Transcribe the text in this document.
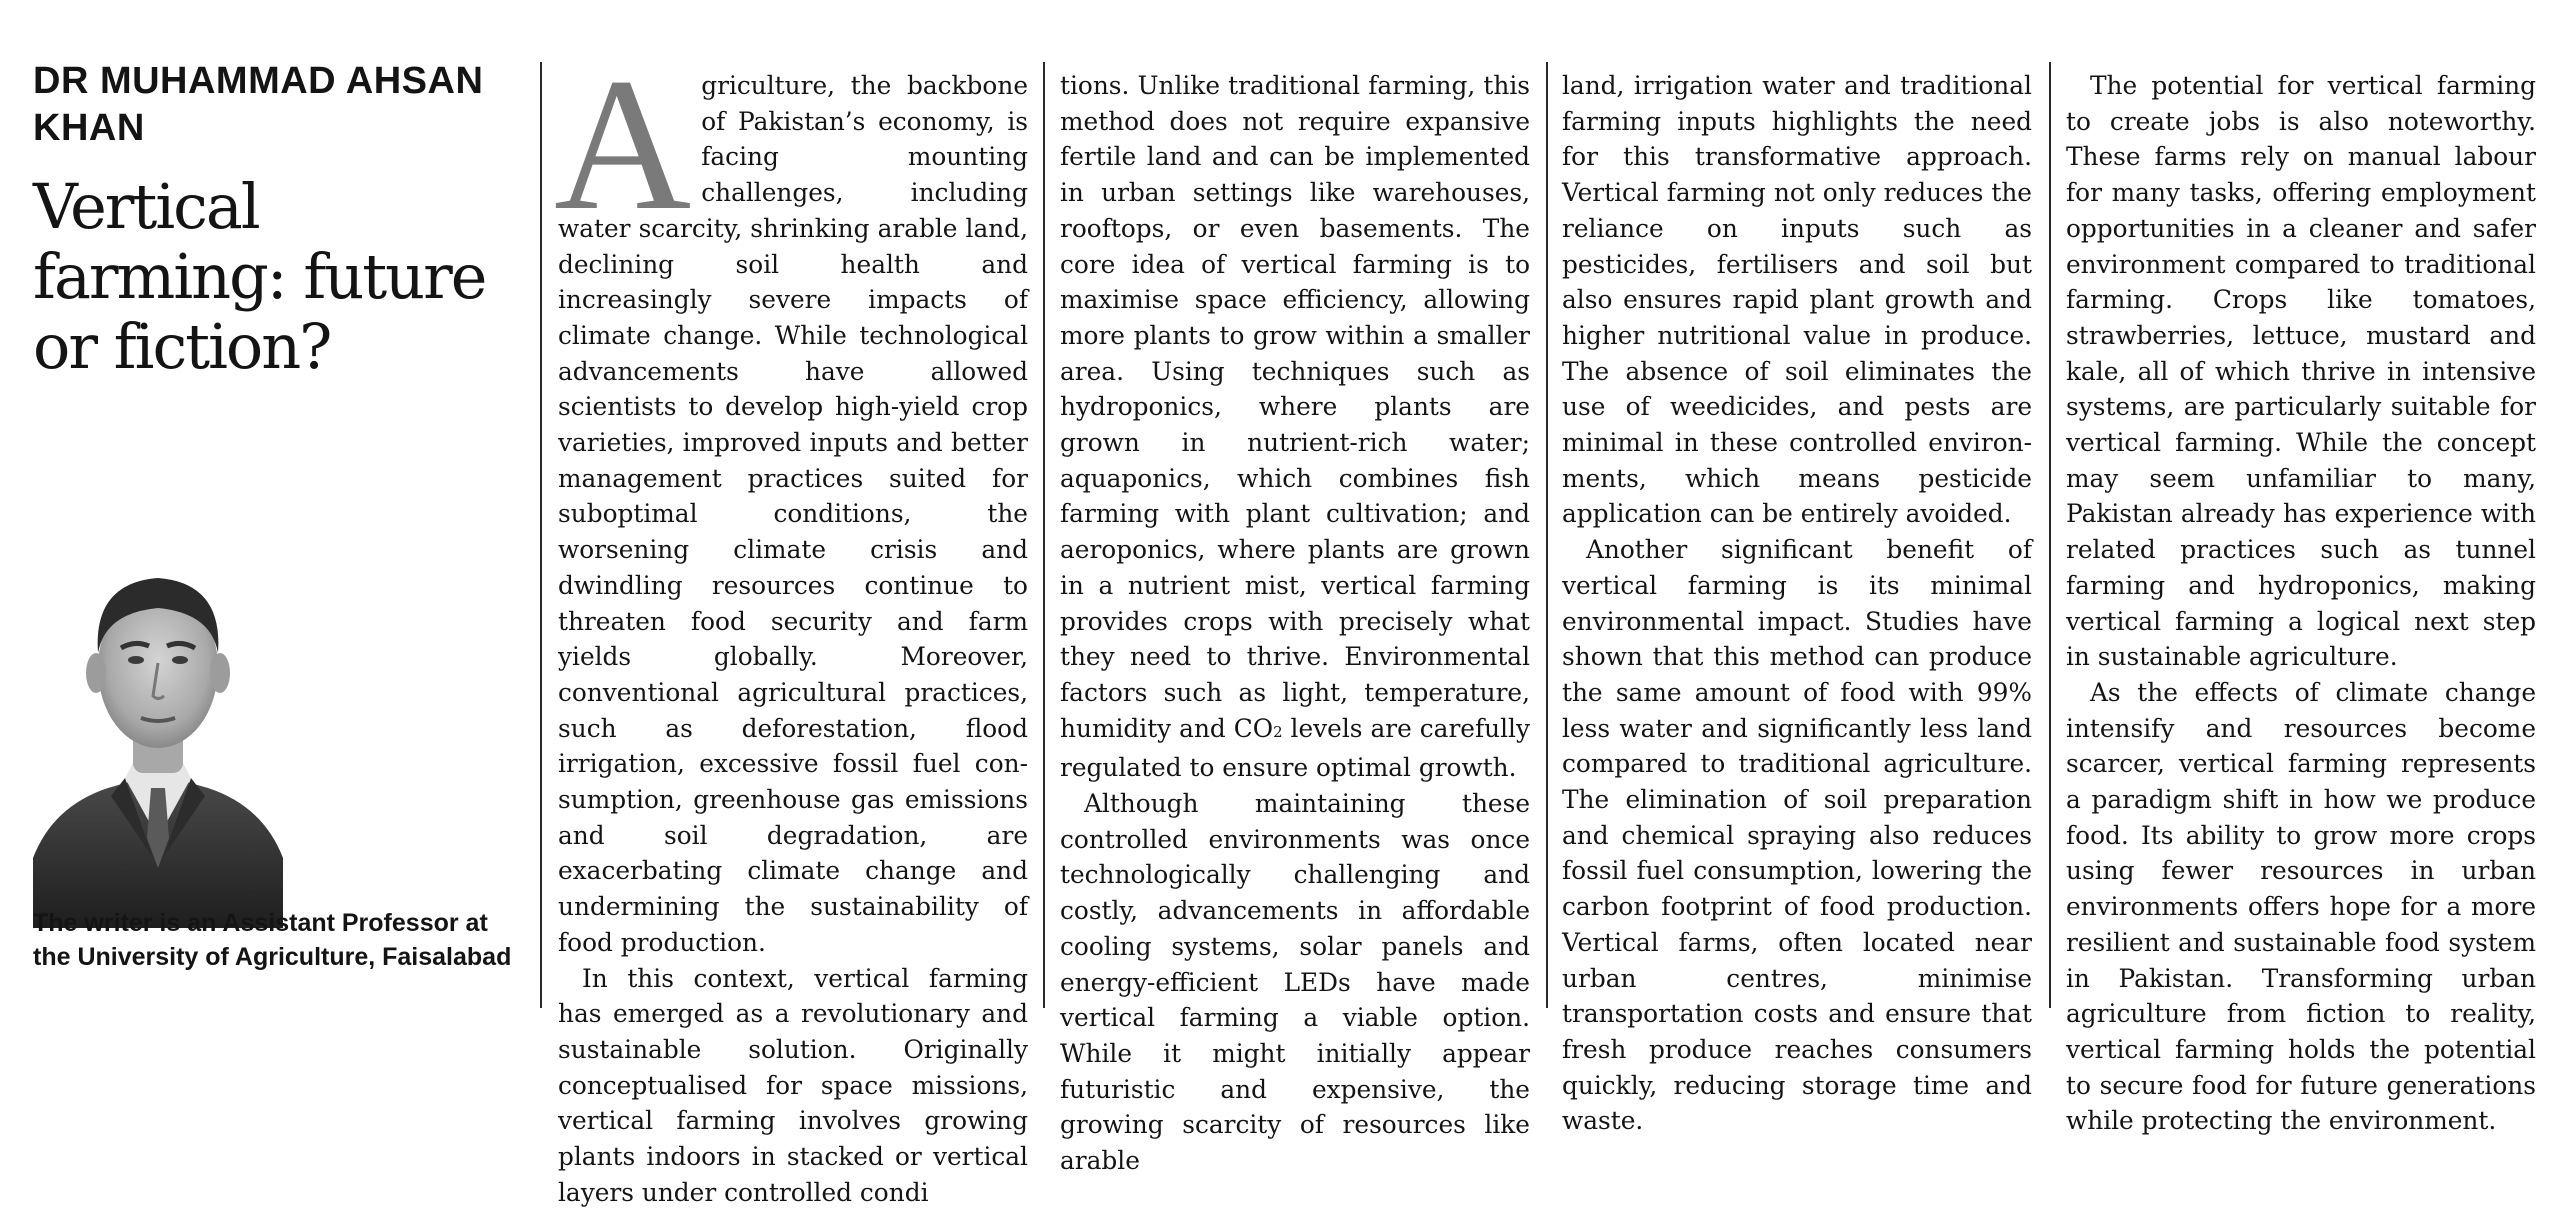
DR MUHAMMAD AHSAN KHAN
Vertical farming: future or fiction?

The writer is an Assistant Professor at the University of Agriculture, Faisalabad

Agriculture, the backbone of Pakistan’s economy, is facing mounting challenges, including water scarcity, shrinking arable land, declining soil health and increasingly severe impacts of climate change. While technological advancements have allowed scientists to develop high-yield crop varieties, improved inputs and better management practices suited for suboptimal conditions, the worsening climate crisis and dwindling resources continue to threaten food security and farm yields globally. Moreover, conventional agricultural practices, such as deforestation, flood irrigation, excessive fossil fuel consumption, greenhouse gas emissions and soil degradation, are exacerbating climate change and undermining the sustainability of food production.

In this context, vertical farming has emerged as a revolutionary and sustainable solution. Originally conceptualised for space missions, vertical farming involves growing plants indoors in stacked or vertical layers under controlled condi

tions. Unlike traditional farming, this method does not require expansive fertile land and can be implemented in urban settings like warehouses, rooftops, or even basements. The core idea of vertical farming is to maximise space efficiency, allowing more plants to grow within a smaller area. Using techniques such as hydroponics, where plants are grown in nutrient-rich water; aquaponics, which combines fish farming with plant cultivation; and aeroponics, where plants are grown in a nutrient mist, vertical farming provides crops with precisely what they need to thrive. Environmental factors such as light, temperature, humidity and CO2 levels are carefully regulated to ensure optimal growth.

Although maintaining these controlled environments was once technologically challenging and costly, advancements in affordable cooling systems, solar panels and energy-efficient LEDs have made vertical farming a viable option. While it might initially appear futuristic and expensive, the growing scarcity of resources like arable

land, irrigation water and traditional farming inputs highlights the need for this transformative approach. Vertical farming not only reduces the reliance on inputs such as pesticides, fertilisers and soil but also ensures rapid plant growth and higher nutritional value in produce. The absence of soil eliminates the use of weedicides, and pests are minimal in these controlled environments, which means pesticide application can be entirely avoided.

Another significant benefit of vertical farming is its minimal environmental impact. Studies have shown that this method can produce the same amount of food with 99% less water and significantly less land compared to traditional agriculture. The elimination of soil preparation and chemical spraying also reduces fossil fuel consumption, lowering the carbon footprint of food production. Vertical farms, often located near urban centres, minimise transportation costs and ensure that fresh produce reaches consumers quickly, reducing storage time and waste.

The potential for vertical farming to create jobs is also noteworthy. These farms rely on manual labour for many tasks, offering employment opportunities in a cleaner and safer environment compared to traditional farming. Crops like tomatoes, strawberries, lettuce, mustard and kale, all of which thrive in intensive systems, are particularly suitable for vertical farming. While the concept may seem unfamiliar to many, Pakistan already has experience with related practices such as tunnel farming and hydroponics, making vertical farming a logical next step in sustainable agriculture.

As the effects of climate change intensify and resources become scarcer, vertical farming represents a paradigm shift in how we produce food. Its ability to grow more crops using fewer resources in urban environments offers hope for a more resilient and sustainable food system in Pakistan. Transforming urban agriculture from fiction to reality, vertical farming holds the potential to secure food for future generations while protecting the environment.
